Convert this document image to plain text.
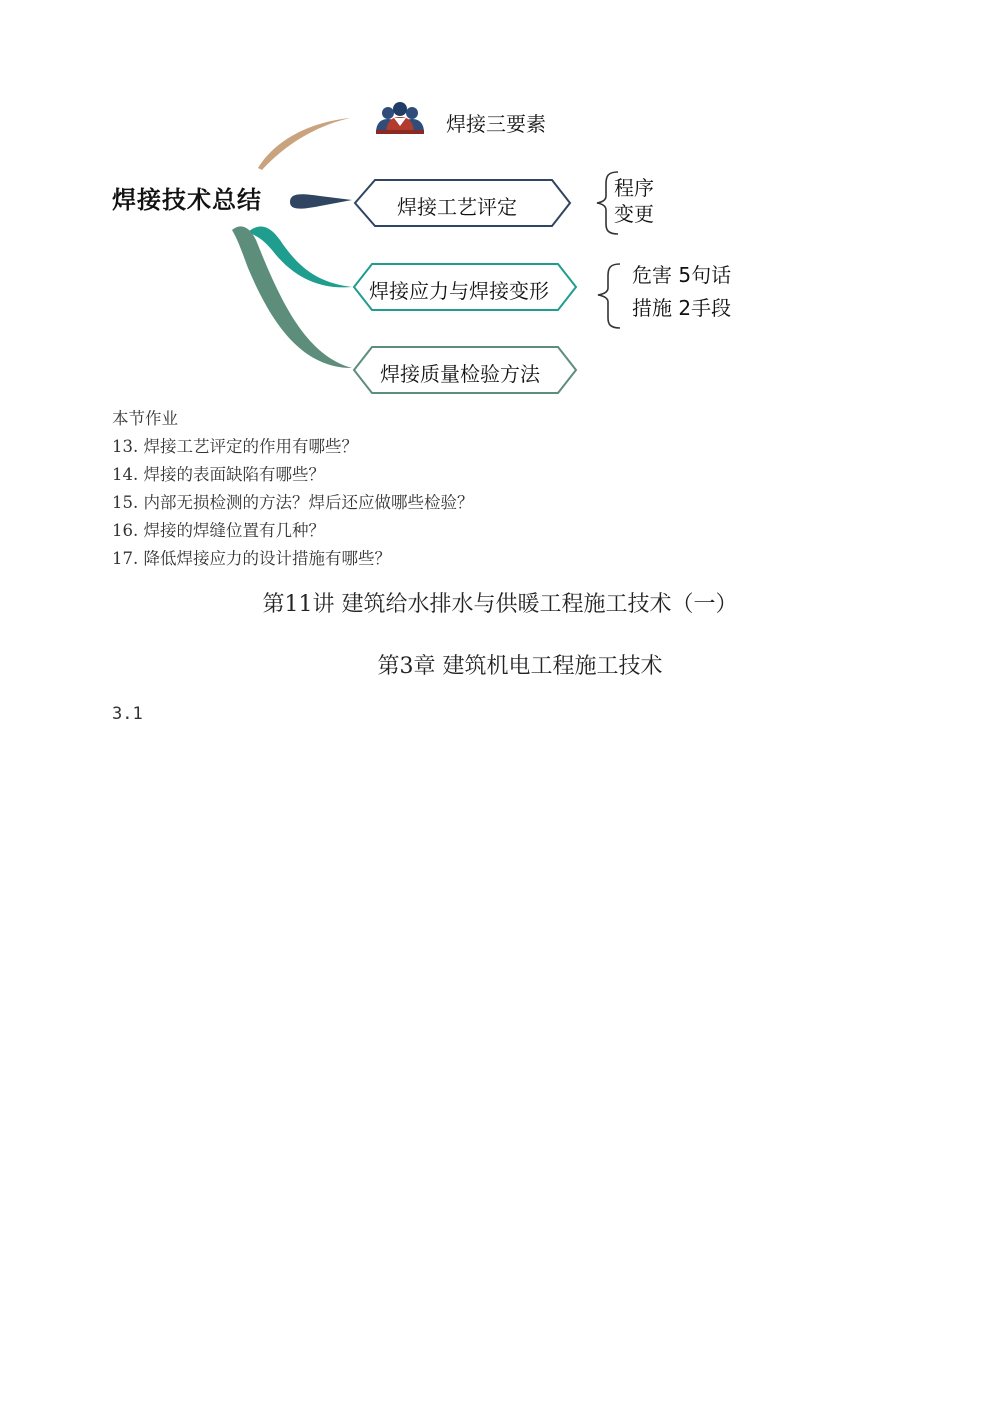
焊接技术总结
焊接三要素
焊接工艺评定
焊接应力与焊接变形
焊接质量检验方法
程序
变更
危害 5句话
措施 2手段
本节作业
13. 焊接工艺评定的作用有哪些？
14. 焊接的表面缺陷有哪些？
15. 内部无损检测的方法？焊后还应做哪些检验？
16. 焊接的焊缝位置有几种？
17. 降低焊接应力的设计措施有哪些？
第11讲 建筑给水排水与供暖工程施工技术（一）
第3章 建筑机电工程施工技术
3.1
